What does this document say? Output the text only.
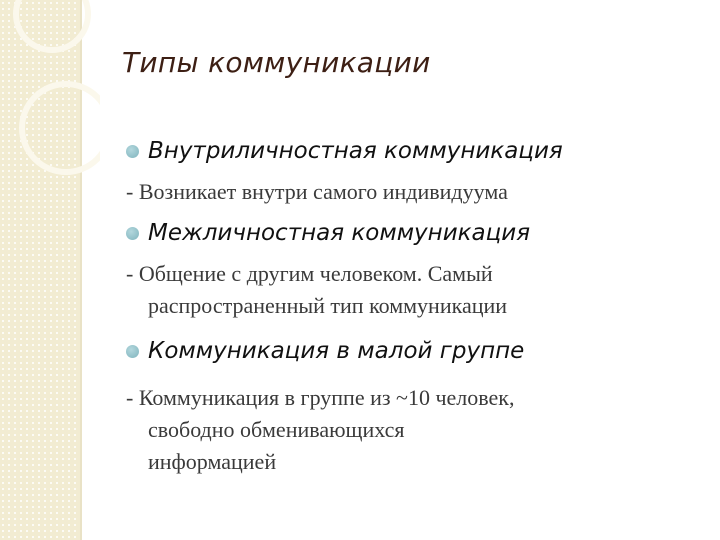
Типы коммуникации
Внутриличностная коммуникация
- Возникает внутри самого индивидуума
Межличностная коммуникация
- Общение с другим человеком. Самый
распространенный тип коммуникации
Коммуникация в малой группе
- Коммуникация в группе из ~10 человек,
свободно обменивающихся
информацией
